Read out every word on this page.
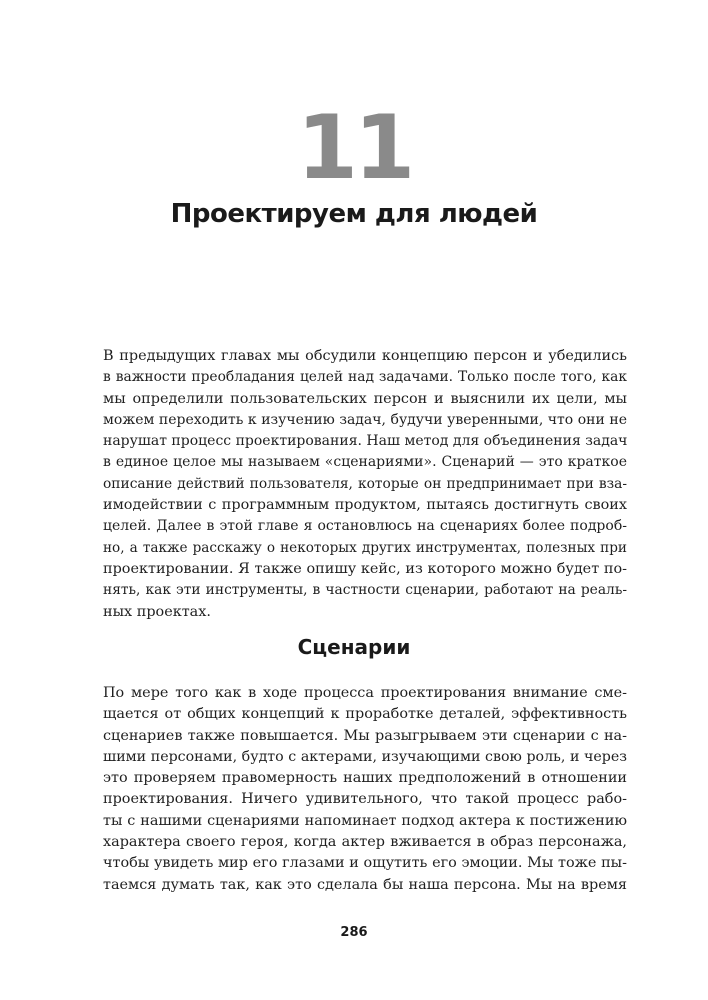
11
Проектируем для людей
В предыдущих главах мы обсудили концепцию персон и убедились
в важности преобладания целей над задачами. Только после того, как
мы определили пользовательских персон и выяснили их цели, мы
можем переходить к изучению задач, будучи уверенными, что они не
нарушат процесс проектирования. Наш метод для объединения задач
в единое целое мы называем «сценариями». Сценарий — это краткое
описание действий пользователя, которые он предпринимает при вза-
имодействии с программным продуктом, пытаясь достигнуть своих
целей. Далее в этой главе я остановлюсь на сценариях более подроб-
но, а также расскажу о некоторых других инструментах, полезных при
проектировании. Я также опишу кейс, из которого можно будет по-
нять, как эти инструменты, в частности сценарии, работают на реаль-
ных проектах.
Сценарии
По мере того как в ходе процесса проектирования внимание сме-
щается от общих концепций к проработке деталей, эффективность
сценариев также повышается. Мы разыгрываем эти сценарии с на-
шими персонами, будто с актерами, изучающими свою роль, и через
это проверяем правомерность наших предположений в отношении
проектирования. Ничего удивительного, что такой процесс рабо-
ты с нашими сценариями напоминает подход актера к постижению
характера своего героя, когда актер вживается в образ персонажа,
чтобы увидеть мир его глазами и ощутить его эмоции. Мы тоже пы-
таемся думать так, как это сделала бы наша персона. Мы на время
286
